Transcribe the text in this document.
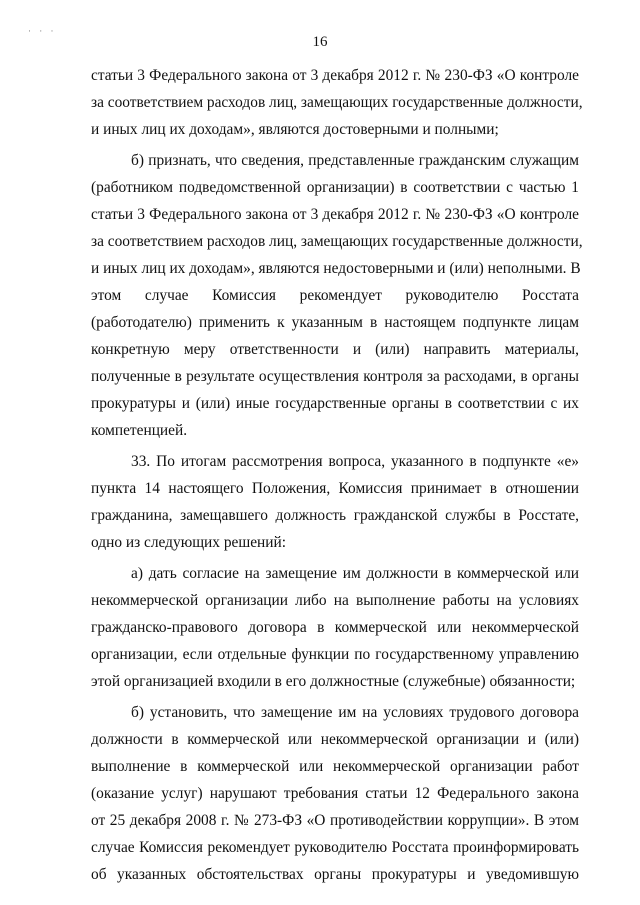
· · ·
16
статьи 3 Федерального закона от 3 декабря 2012 г. № 230-ФЗ «О контроле
за соответствием расходов лиц, замещающих государственные должности,
и иных лиц их доходам», являются достоверными и полными;
б) признать, что сведения, представленные гражданским служащим
(работником подведомственной организации) в соответствии с частью 1
статьи 3 Федерального закона от 3 декабря 2012 г. № 230-ФЗ «О контроле
за соответствием расходов лиц, замещающих государственные должности,
и иных лиц их доходам», являются недостоверными и (или) неполными. В
этом случае Комиссия рекомендует руководителю Росстата
(работодателю) применить к указанным в настоящем подпункте лицам
конкретную меру ответственности и (или) направить материалы,
полученные в результате осуществления контроля за расходами, в органы
прокуратуры и (или) иные государственные органы в соответствии с их
компетенцией.
33. По итогам рассмотрения вопроса, указанного в подпункте «е»
пункта 14 настоящего Положения, Комиссия принимает в отношении
гражданина, замещавшего должность гражданской службы в Росстате,
одно из следующих решений:
а) дать согласие на замещение им должности в коммерческой или
некоммерческой организации либо на выполнение работы на условиях
гражданско-правового договора в коммерческой или некоммерческой
организации, если отдельные функции по государственному управлению
этой организацией входили в его должностные (служебные) обязанности;
б) установить, что замещение им на условиях трудового договора
должности в коммерческой или некоммерческой организации и (или)
выполнение в коммерческой или некоммерческой организации работ
(оказание услуг) нарушают требования статьи 12 Федерального закона
от 25 декабря 2008 г. № 273-ФЗ «О противодействии коррупции». В этом
случае Комиссия рекомендует руководителю Росстата проинформировать
об указанных обстоятельствах органы прокуратуры и уведомившую
